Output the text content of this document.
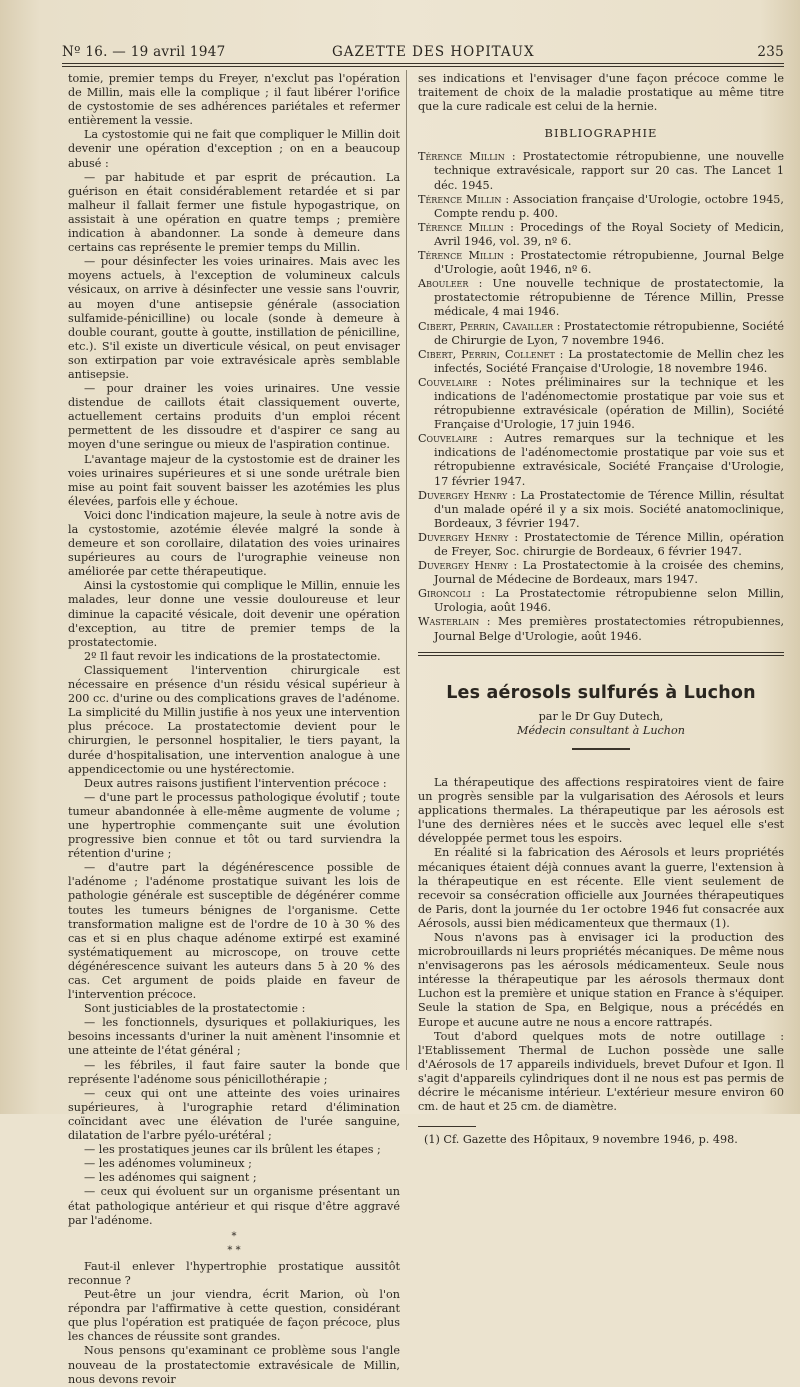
Nº 16. — 19 avril 1947	GAZETTE DES HOPITAUX	235

tomie, premier temps du Freyer, n'exclut pas l'opération de Millin, mais elle la complique ; il faut libérer l'orifice de cystostomie de ses adhérences pariétales et refermer entièrement la vessie.

La cystostomie qui ne fait que compliquer le Millin doit devenir une opération d'exception ; on en a beaucoup abusé :

— par habitude et par esprit de précaution. La guérison en était considérablement retardée et si par malheur il fallait fermer une fistule hypogastrique, on assistait à une opération en quatre temps ; première indication à abandonner. La sonde à demeure dans certains cas représente le premier temps du Millin.

— pour désinfecter les voies urinaires. Mais avec les moyens actuels, à l'exception de volumineux calculs vésicaux, on arrive à désinfecter une vessie sans l'ouvrir, au moyen d'une antisepsie générale (association sulfamide-pénicilline) ou locale (sonde à demeure à double courant, goutte à goutte, instillation de pénicilline, etc.). S'il existe un diverticule vésical, on peut envisager son extirpation par voie extravésicale après semblable antisepsie.

— pour drainer les voies urinaires. Une vessie distendue de caillots était classiquement ouverte, actuellement certains produits d'un emploi récent permettent de les dissoudre et d'aspirer ce sang au moyen d'une seringue ou mieux de l'aspiration continue.

L'avantage majeur de la cystostomie est de drainer les voies urinaires supérieures et si une sonde urétrale bien mise au point fait souvent baisser les azotémies les plus élevées, parfois elle y échoue.

Voici donc l'indication majeure, la seule à notre avis de la cystostomie, azotémie élevée malgré la sonde à demeure et son corollaire, dilatation des voies urinaires supérieures au cours de l'urographie veineuse non améliorée par cette thérapeutique.

Ainsi la cystostomie qui complique le Millin, ennuie les malades, leur donne une vessie douloureuse et leur diminue la capacité vésicale, doit devenir une opération d'exception, au titre de premier temps de la prostatectomie.

2º Il faut revoir les indications de la prostatectomie.

Classiquement l'intervention chirurgicale est nécessaire en présence d'un résidu vésical supérieur à 200 cc. d'urine ou des complications graves de l'adénome. La simplicité du Millin justifie à nos yeux une intervention plus précoce. La prostatectomie devient pour le chirurgien, le personnel hospitalier, le tiers payant, la durée d'hospitalisation, une intervention analogue à une appendicectomie ou une hystérectomie.

Deux autres raisons justifient l'intervention précoce :

— d'une part le processus pathologique évolutif ; toute tumeur abandonnée à elle-même augmente de volume ; une hypertrophie commençante suit une évolution progressive bien connue et tôt ou tard surviendra la rétention d'urine ;

— d'autre part la dégénérescence possible de l'adénome ; l'adénome prostatique suivant les lois de pathologie générale est susceptible de dégénérer comme toutes les tumeurs bénignes de l'organisme. Cette transformation maligne est de l'ordre de 10 à 30 % des cas et si en plus chaque adénome extirpé est examiné systématiquement au microscope, on trouve cette dégénérescence suivant les auteurs dans 5 à 20 % des cas. Cet argument de poids plaide en faveur de l'intervention précoce.

Sont justiciables de la prostatectomie :

— les fonctionnels, dysuriques et pollakiuriques, les besoins incessants d'uriner la nuit amènent l'insomnie et une atteinte de l'état général ;

— les fébriles, il faut faire sauter la bonde que représente l'adénome sous pénicillothérapie ;

— ceux qui ont une atteinte des voies urinaires supérieures, à l'urographie retard d'élimination coïncidant avec une élévation de l'urée sanguine, dilatation de l'arbre pyélo-urétéral ;

— les prostatiques jeunes car ils brûlent les étapes ;

— les adénomes volumineux ;

— les adénomes qui saignent ;

— ceux qui évoluent sur un organisme présentant un état pathologique antérieur et qui risque d'être aggravé par l'adénome.

*
* *

Faut-il enlever l'hypertrophie prostatique aussitôt reconnue ?

Peut-être un jour viendra, écrit Marion, où l'on répondra par l'affirmative à cette question, considérant que plus l'opération est pratiquée de façon précoce, plus les chances de réussite sont grandes.

Nous pensons qu'examinant ce problème sous l'angle nouveau de la prostatectomie extravésicale de Millin, nous devons revoir

ses indications et l'envisager d'une façon précoce comme le traitement de choix de la maladie prostatique au même titre que la cure radicale est celui de la hernie.

BIBLIOGRAPHIE

Térence Millin : Prostatectomie rétropubienne, une nouvelle technique extravésicale, rapport sur 20 cas. The Lancet 1 déc. 1945.

Térence Millin : Association française d'Urologie, octobre 1945, Compte rendu p. 400.

Térence Millin : Procedings of the Royal Society of Medicin, Avril 1946, vol. 39, nº 6.

Térence Millin : Prostatectomie rétropubienne, Journal Belge d'Urologie, août 1946, nº 6.

Abouleer : Une nouvelle technique de prostatectomie, la prostatectomie rétropubienne de Térence Millin, Presse médicale, 4 mai 1946.

Cibert, Perrin, Cavailler : Prostatectomie rétropubienne, Société de Chirurgie de Lyon, 7 novembre 1946.

Cibert, Perrin, Collenet : La prostatectomie de Mellin chez les infectés, Société Française d'Urologie, 18 novembre 1946.

Couvelaire : Notes préliminaires sur la technique et les indications de l'adénomectomie prostatique par voie sus et rétropubienne extravésicale (opération de Millin), Société Française d'Urologie, 17 juin 1946.

Couvelaire : Autres remarques sur la technique et les indications de l'adénomectomie prostatique par voie sus et rétropubienne extravésicale, Société Française d'Urologie, 17 février 1947.

Duvergey Henry : La Prostatectomie de Térence Millin, résultat d'un malade opéré il y a six mois. Société anatomoclinique, Bordeaux, 3 février 1947.

Duvergey Henry : Prostatectomie de Térence Millin, opération de Freyer, Soc. chirurgie de Bordeaux, 6 février 1947.

Duvergey Henry : La Prostatectomie à la croisée des chemins, Journal de Médecine de Bordeaux, mars 1947.

Gironcoli : La Prostatectomie rétropubienne selon Millin, Urologia, août 1946.

Wasterlain : Mes premières prostatectomies rétropubiennes, Journal Belge d'Urologie, août 1946.

Les aérosols sulfurés à Luchon

par le Dr Guy Dutech,

Médecin consultant à Luchon

La thérapeutique des affections respiratoires vient de faire un progrès sensible par la vulgarisation des Aérosols et leurs applications thermales. La thérapeutique par les aérosols est l'une des dernières nées et le succès avec lequel elle s'est développée permet tous les espoirs.

En réalité si la fabrication des Aérosols et leurs propriétés mécaniques étaient déjà connues avant la guerre, l'extension à la thérapeutique en est récente. Elle vient seulement de recevoir sa consécration officielle aux Journées thérapeutiques de Paris, dont la journée du 1er octobre 1946 fut consacrée aux Aérosols, aussi bien médicamenteux que thermaux (1).

Nous n'avons pas à envisager ici la production des microbrouillards ni leurs propriétés mécaniques. De même nous n'envisagerons pas les aérosols médicamenteux. Seule nous intéresse la thérapeutique par les aérosols thermaux dont Luchon est la première et unique station en France à s'équiper. Seule la station de Spa, en Belgique, nous a précédés en Europe et aucune autre ne nous a encore rattrapés.

Tout d'abord quelques mots de notre outillage : l'Etablissement Thermal de Luchon possède une salle d'Aérosols de 17 appareils individuels, brevet Dufour et Igon. Il s'agit d'appareils cylindriques dont il ne nous est pas permis de décrire le mécanisme intérieur. L'extérieur mesure environ 60 cm. de haut et 25 cm. de diamètre.

(1) Cf. Gazette des Hôpitaux, 9 novembre 1946, p. 498.
